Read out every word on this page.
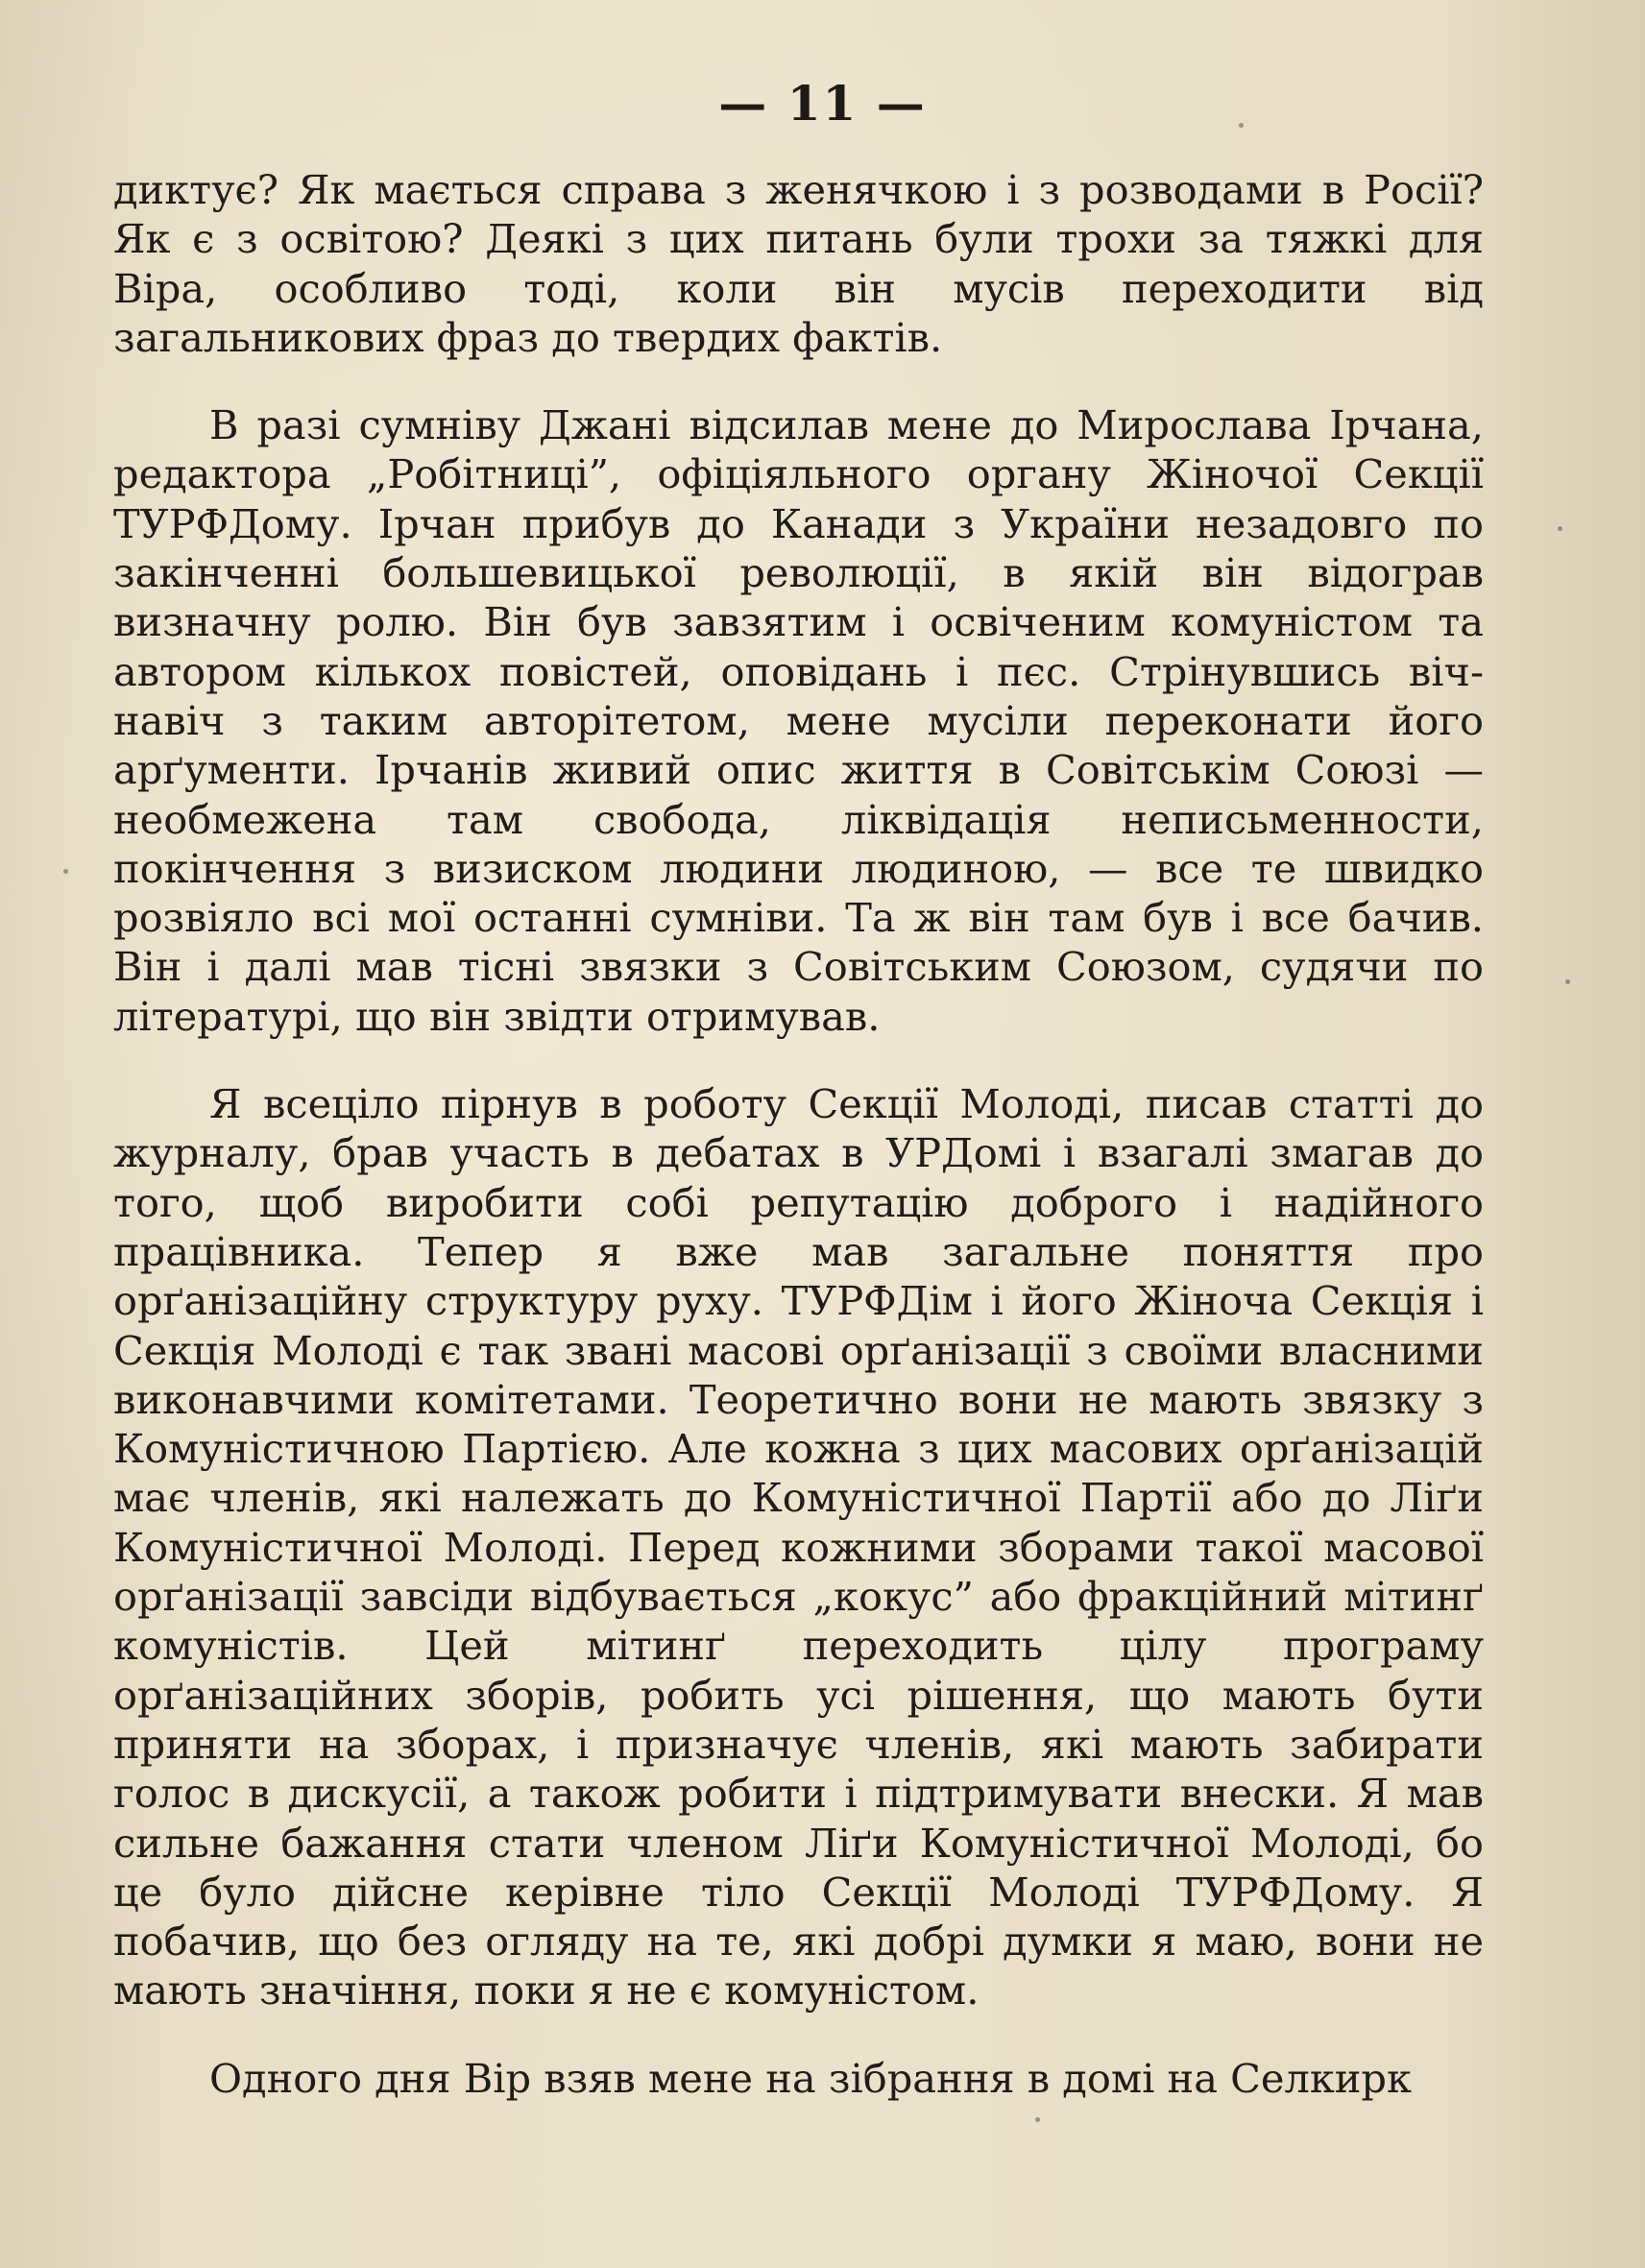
— 11 —

диктує? Як мається справа з женячкою і з розводами в Росії? Як є з освітою? Деякі з цих питань були трохи за тяжкі для Віра, особливо тоді, коли він мусів переходити від загальникових фраз до твердих фактів.

В разі сумніву Джані відсилав мене до Мирослава Ірчана, редактора „Робітниці”, офіціяльного органу Жіночої Секції ТУРФДому. Ірчан прибув до Канади з України незадовго по закінченні большевицької революції, в якій він відограв визначну ролю. Він був завзятим і освіченим комуністом та автором кількох повістей, оповідань і пєс. Стрінувшись віч-навіч з таким авторітетом, мене мусіли переконати його арґументи. Ірчанів живий опис життя в Совітськім Союзі — необмежена там свобода, ліквідація неписьменности, покінчення з визиском людини людиною, — все те швидко розвіяло всі мої останні сумніви. Та ж він там був і все бачив. Він і далі мав тісні звязки з Совітським Союзом, судячи по літературі, що він звідти отримував.

Я всеціло пірнув в роботу Секції Молоді, писав статті до журналу, брав участь в дебатах в УРДомі і взагалі змагав до того, щоб виробити собі репутацію доброго і надійного працівника. Тепер я вже мав загальне поняття про орґанізаційну структуру руху. ТУРФДім і його Жіноча Секція і Секція Молоді є так звані масові орґанізації з своїми власними виконавчими комітетами. Теоретично вони не мають звязку з Комуністичною Партією. Але кожна з цих масових орґанізацій має членів, які належать до Комуністичної Партії або до Ліґи Комуністичної Молоді. Перед кожними зборами такої масової орґанізації завсіди відбувається „кокус” або фракційний мітинґ комуністів. Цей мітинґ переходить цілу програму орґанізаційних зборів, робить усі рішення, що мають бути приняти на зборах, і призначує членів, які мають забирати голос в дискусії, а також робити і підтримувати внески. Я мав сильне бажання стати членом Ліґи Комуністичної Молоді, бо це було дійсне керівне тіло Секції Молоді ТУРФДому. Я побачив, що без огляду на те, які добрі думки я маю, вони не мають значіння, поки я не є комуністом.

Одного дня Вір взяв мене на зібрання в домі на Селкирк
